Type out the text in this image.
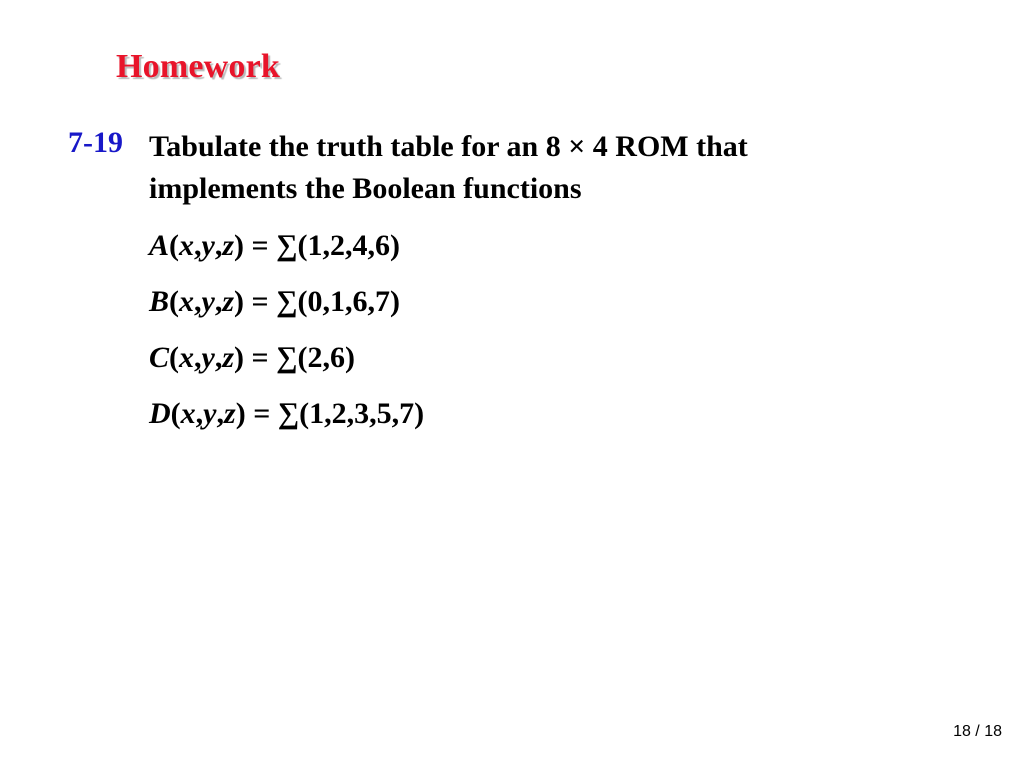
Homework
7-19 Tabulate the truth table for an 8 × 4 ROM that
implements the Boolean functions
A(x,y,z) = ∑(1,2,4,6)
B(x,y,z) = ∑(0,1,6,7)
C(x,y,z) = ∑(2,6)
D(x,y,z) = ∑(1,2,3,5,7)
18 / 18
